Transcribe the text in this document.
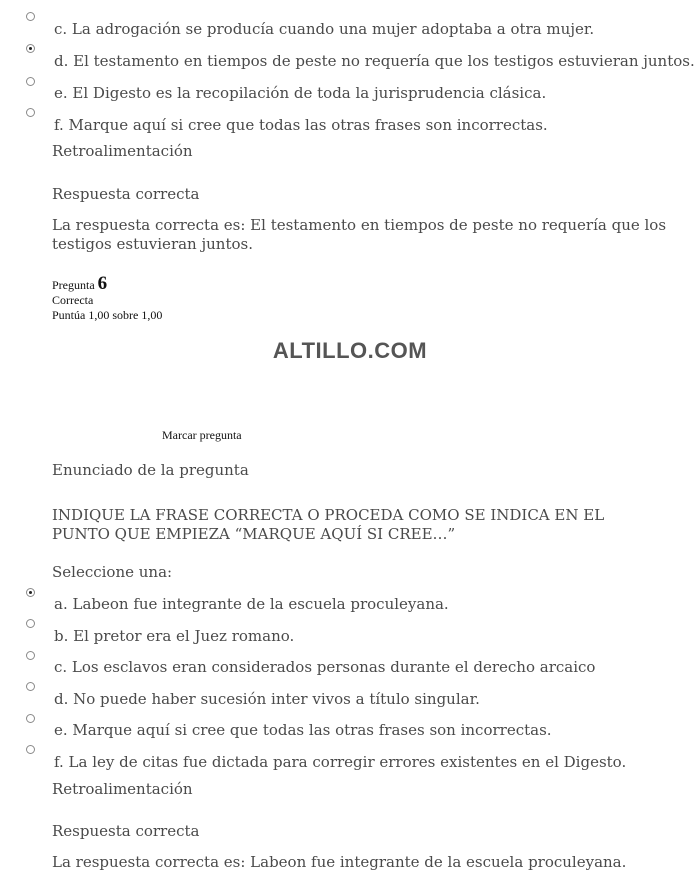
c. La adrogación se producía cuando una mujer adoptaba a otra mujer.
d. El testamento en tiempos de peste no requería que los testigos estuvieran juntos.
e. El Digesto es la recopilación de toda la jurisprudencia clásica.
f. Marque aquí si cree que todas las otras frases son incorrectas.
Retroalimentación
Respuesta correcta
La respuesta correcta es: El testamento en tiempos de peste no requería que los testigos estuvieran juntos.
Pregunta 6
Correcta
Puntúa 1,00 sobre 1,00
ALTILLO.COM
Marcar pregunta
Enunciado de la pregunta
INDIQUE LA FRASE CORRECTA O PROCEDA COMO SE INDICA EN EL PUNTO QUE EMPIEZA “MARQUE AQUÍ SI CREE…”
Seleccione una:
a. Labeon fue integrante de la escuela proculeyana.
b. El pretor era el Juez romano.
c. Los esclavos eran considerados personas durante el derecho arcaico
d. No puede haber sucesión inter vivos a título singular.
e. Marque aquí si cree que todas las otras frases son incorrectas.
f. La ley de citas fue dictada para corregir errores existentes en el Digesto.
Retroalimentación
Respuesta correcta
La respuesta correcta es: Labeon fue integrante de la escuela proculeyana.
